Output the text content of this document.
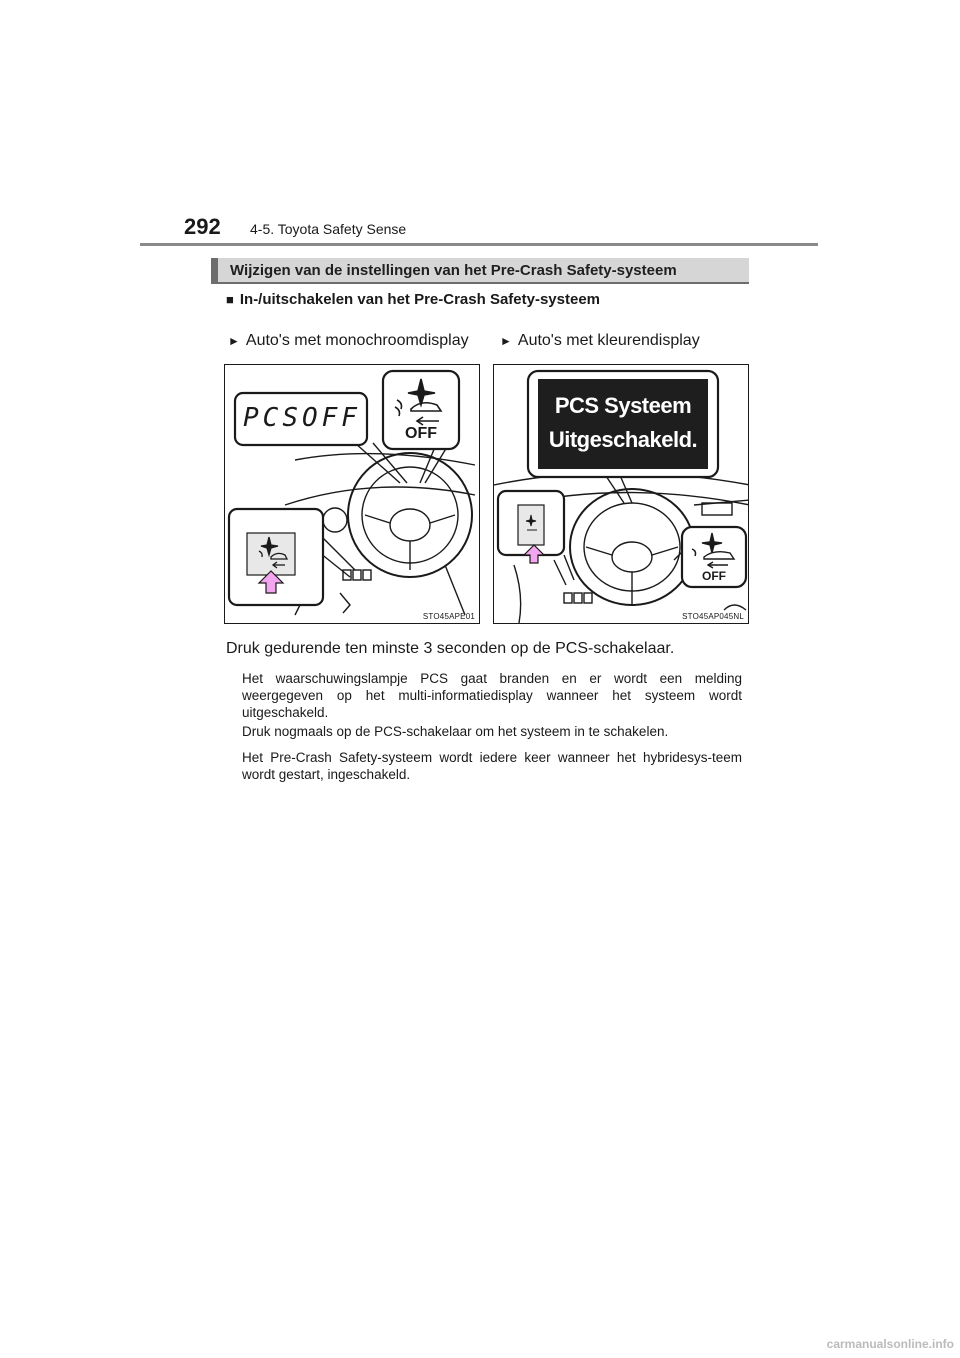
292 4-5. Toyota Safety Sense
Wijzigen van de instellingen van het Pre-Crash Safety-systeem
■ In-/uitschakelen van het Pre-Crash Safety-systeem
► Auto's met monochroomdisplay	► Auto's met kleurendisplay
PCSOFF
OFF
STO45APE01
PCS Systeem
Uitgeschakeld.
OFF
STO45AP045NL
Druk gedurende ten minste 3 seconden op de PCS-schakelaar.
Het waarschuwingslampje PCS gaat branden en er wordt een melding weergegeven op het multi-informatiedisplay wanneer het systeem wordt uitgeschakeld.
Druk nogmaals op de PCS-schakelaar om het systeem in te schakelen.
Het Pre-Crash Safety-systeem wordt iedere keer wanneer het hybridesys-teem wordt gestart, ingeschakeld.
carmanualsonline.info
